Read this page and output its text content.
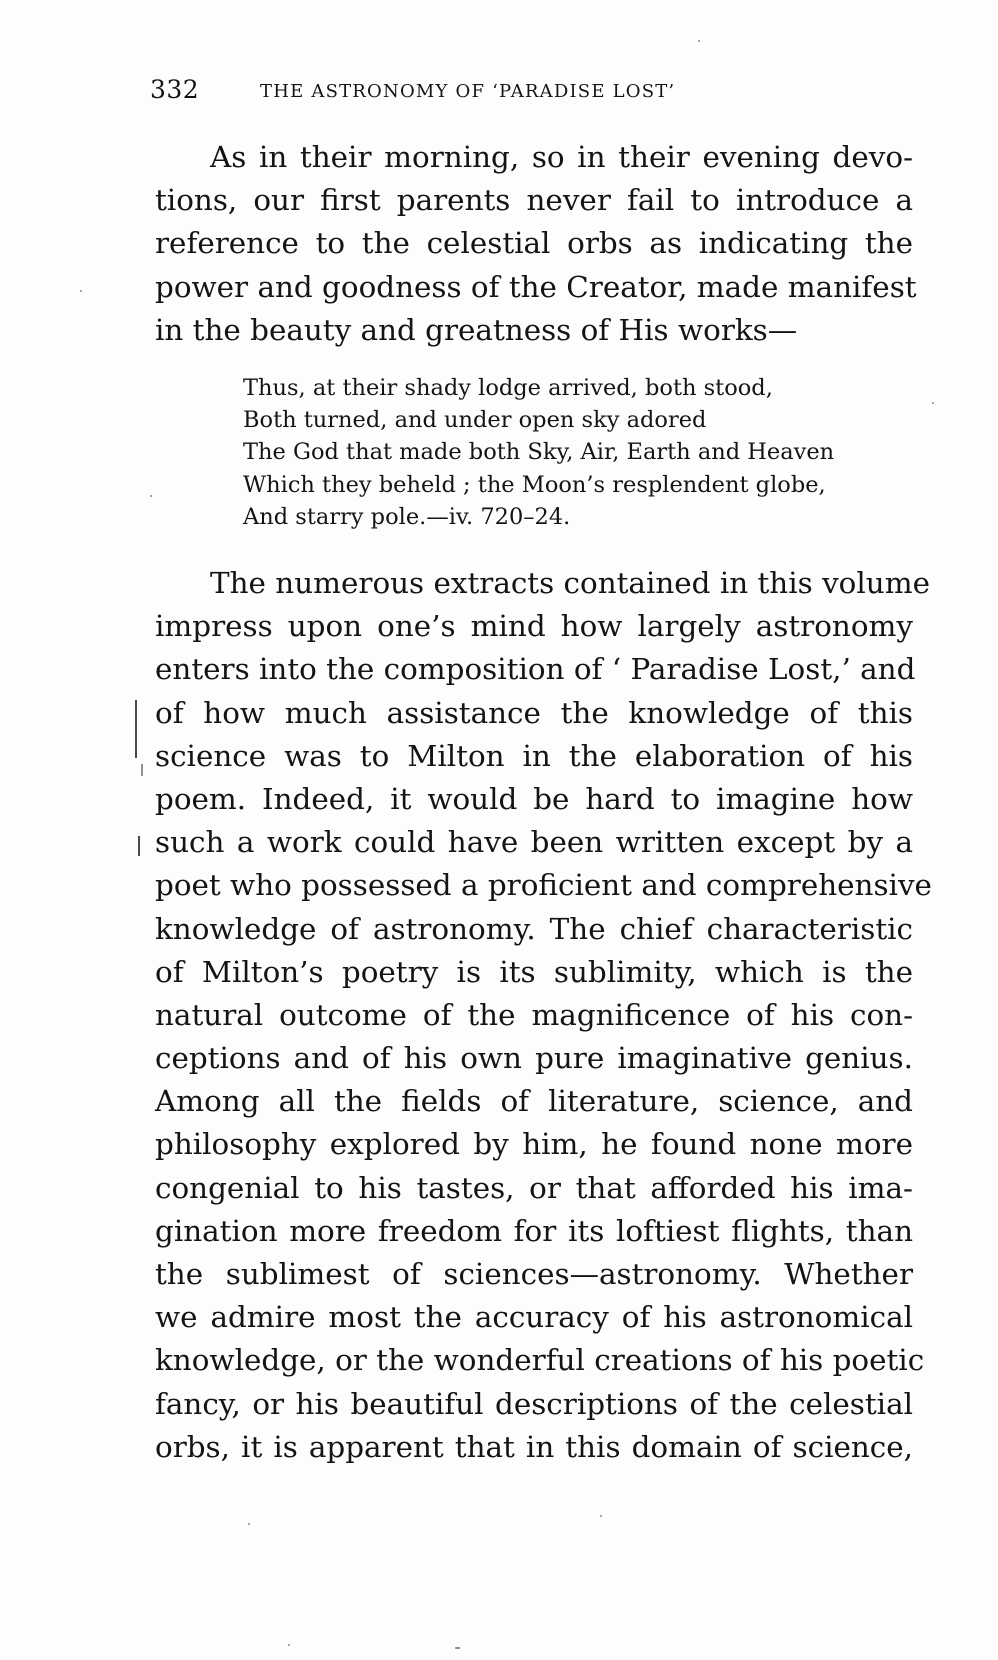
332	THE ASTRONOMY OF ‘PARADISE LOST’

As in their morning, so in their evening devo-
tions, our first parents never fail to introduce a
reference to the celestial orbs as indicating the
power and goodness of the Creator, made manifest
in the beauty and greatness of His works—

Thus, at their shady lodge arrived, both stood,
Both turned, and under open sky adored
The God that made both Sky, Air, Earth and Heaven
Which they beheld ; the Moon’s resplendent globe,
And starry pole.—iv. 720–24.

The numerous extracts contained in this volume
impress upon one’s mind how largely astronomy
enters into the composition of ‘ Paradise Lost,’ and
of how much assistance the knowledge of this
science was to Milton in the elaboration of his
poem. Indeed, it would be hard to imagine how
such a work could have been written except by a
poet who possessed a proficient and comprehensive
knowledge of astronomy. The chief characteristic
of Milton’s poetry is its sublimity, which is the
natural outcome of the magnificence of his con-
ceptions and of his own pure imaginative genius.
Among all the fields of literature, science, and
philosophy explored by him, he found none more
congenial to his tastes, or that afforded his ima-
gination more freedom for its loftiest flights, than
the sublimest of sciences—astronomy. Whether
we admire most the accuracy of his astronomical
knowledge, or the wonderful creations of his poetic
fancy, or his beautiful descriptions of the celestial
orbs, it is apparent that in this domain of science,
